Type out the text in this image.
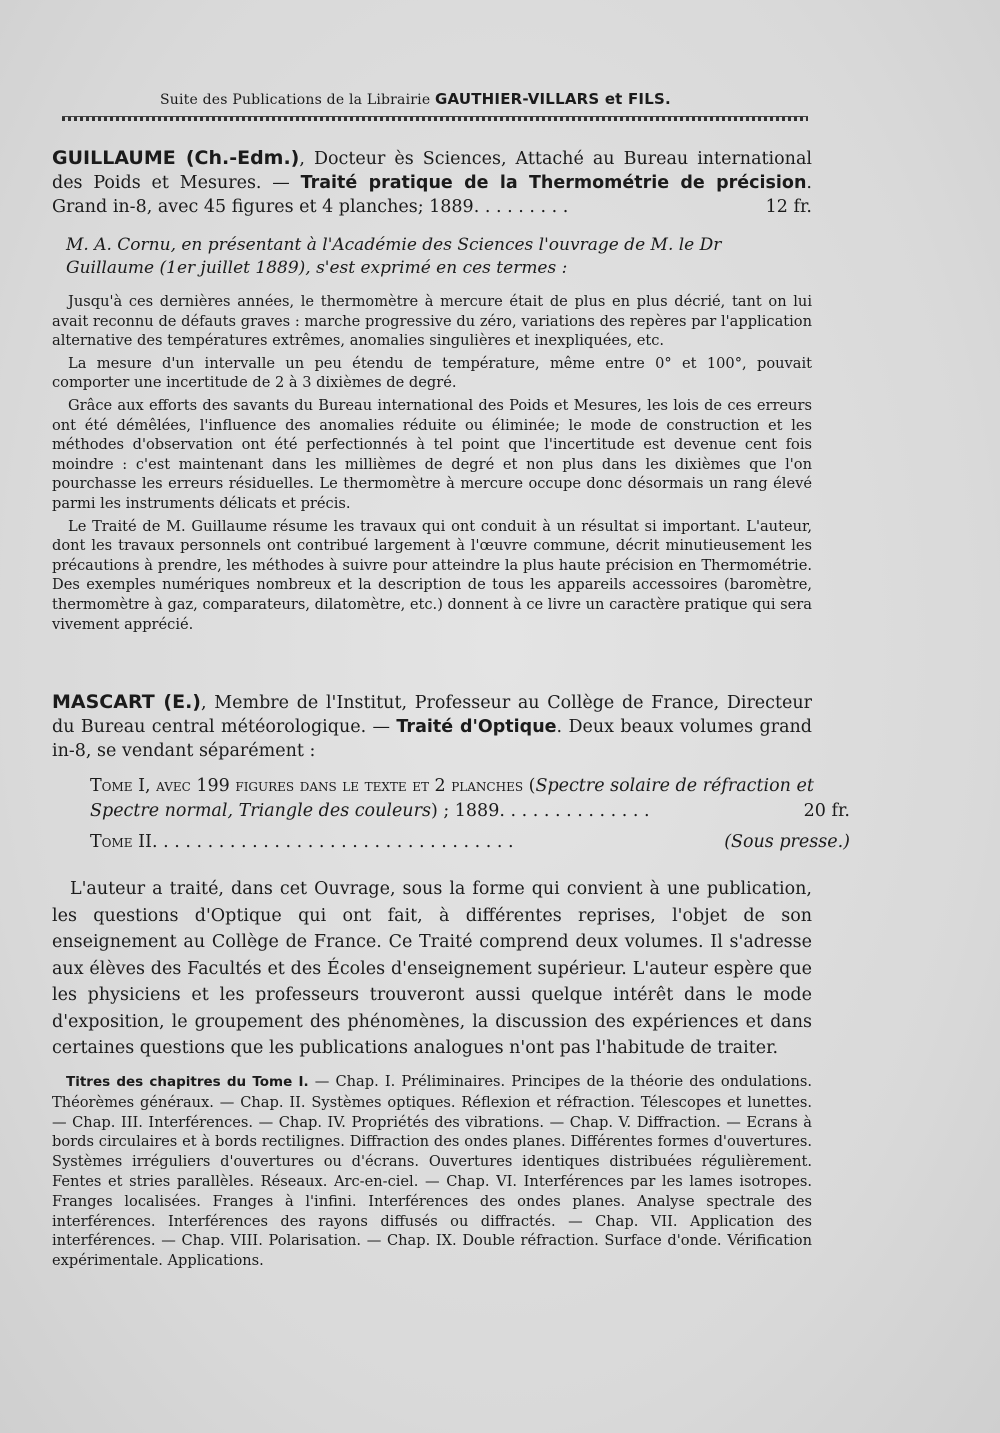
Suite des Publications de la Librairie GAUTHIER-VILLARS et FILS.
GUILLAUME (Ch.-Edm.), Docteur ès Sciences, Attaché au Bureau international des Poids et Mesures. — Traité pratique de la Thermométrie de précision. Grand in-8, avec 45 figures et 4 planches; 1889. . . . . . . . .	12 fr.
M. A. Cornu, en présentant à l'Académie des Sciences l'ouvrage de M. le Dr Guillaume (1er juillet 1889), s'est exprimé en ces termes :

Jusqu'à ces dernières années, le thermomètre à mercure était de plus en plus décrié, tant on lui avait reconnu de défauts graves : marche progressive du zéro, variations des repères par l'application alternative des températures extrêmes, anomalies singulières et inexpliquées, etc.

La mesure d'un intervalle un peu étendu de température, même entre 0° et 100°, pouvait comporter une incertitude de 2 à 3 dixièmes de degré.

Grâce aux efforts des savants du Bureau international des Poids et Mesures, les lois de ces erreurs ont été démêlées, l'influence des anomalies réduite ou éliminée; le mode de construction et les méthodes d'observation ont été perfectionnés à tel point que l'incertitude est devenue cent fois moindre : c'est maintenant dans les millièmes de degré et non plus dans les dixièmes que l'on pourchasse les erreurs résiduelles. Le thermomètre à mercure occupe donc désormais un rang élevé parmi les instruments délicats et précis.

Le Traité de M. Guillaume résume les travaux qui ont conduit à un résultat si important. L'auteur, dont les travaux personnels ont contribué largement à l'œuvre commune, décrit minutieusement les précautions à prendre, les méthodes à suivre pour atteindre la plus haute précision en Thermométrie. Des exemples numériques nombreux et la description de tous les appareils accessoires (baromètre, thermomètre à gaz, comparateurs, dilatomètre, etc.) donnent à ce livre un caractère pratique qui sera vivement apprécié.

MASCART (E.), Membre de l'Institut, Professeur au Collège de France, Directeur du Bureau central météorologique. — Traité d'Optique. Deux beaux volumes grand in-8, se vendant séparément :
Tome I, avec 199 figures dans le texte et 2 planches (Spectre solaire de réfraction et Spectre normal, Triangle des couleurs) ; 1889. . . . . . . . . . . . . .	20 fr.
Tome II. . . . . . . . . . . . . . . . . . . . . . . . . . . . . . . . .	(Sous presse.)

L'auteur a traité, dans cet Ouvrage, sous la forme qui convient à une publication, les questions d'Optique qui ont fait, à différentes reprises, l'objet de son enseignement au Collège de France. Ce Traité comprend deux volumes. Il s'adresse aux élèves des Facultés et des Écoles d'enseignement supérieur. L'auteur espère que les physiciens et les professeurs trouveront aussi quelque intérêt dans le mode d'exposition, le groupement des phénomènes, la discussion des expériences et dans certaines questions que les publications analogues n'ont pas l'habitude de traiter.

Titres des chapitres du Tome I. — Chap. I. Préliminaires. Principes de la théorie des ondulations. Théorèmes généraux. — Chap. II. Systèmes optiques. Réflexion et réfraction. Télescopes et lunettes. — Chap. III. Interférences. — Chap. IV. Propriétés des vibrations. — Chap. V. Diffraction. — Ecrans à bords circulaires et à bords rectilignes. Diffraction des ondes planes. Différentes formes d'ouvertures. Systèmes irréguliers d'ouvertures ou d'écrans. Ouvertures identiques distribuées régulièrement. Fentes et stries parallèles. Réseaux. Arc-en-ciel. — Chap. VI. Interférences par les lames isotropes. Franges localisées. Franges à l'infini. Interférences des ondes planes. Analyse spectrale des interférences. Interférences des rayons diffusés ou diffractés. — Chap. VII. Application des interférences. — Chap. VIII. Polarisation. — Chap. IX. Double réfraction. Surface d'onde. Vérification expérimentale. Applications.
